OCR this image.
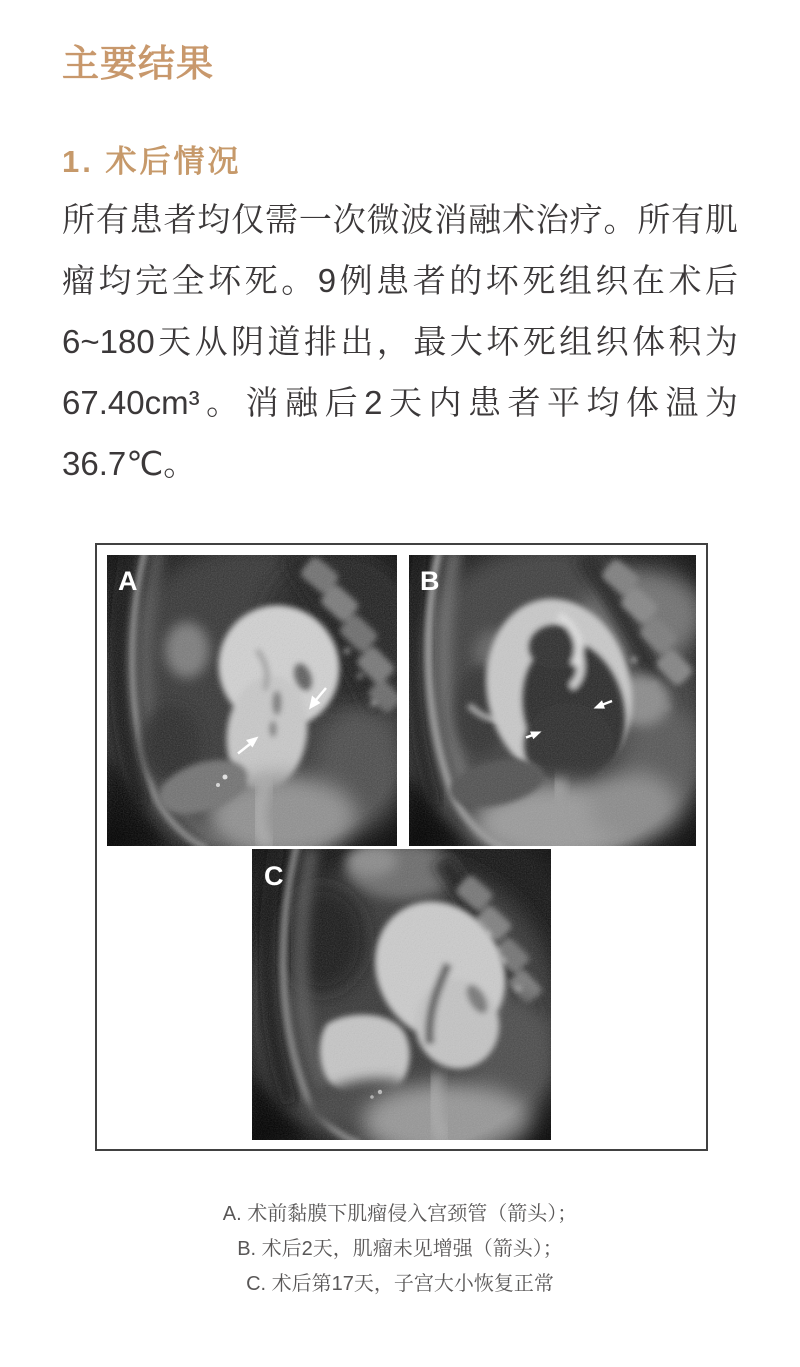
主要结果
1. 术后情况
所有患者均仅需一次微波消融术治疗。所有肌
瘤均完全坏死。9例患者的坏死组织在术后
6~180天从阴道排出，最大坏死组织体积为
67.40cm³。消融后2天内患者平均体温为
36.7℃。
A	B
C
A. 术前黏膜下肌瘤侵入宫颈管（箭头）；
B. 术后2天，肌瘤未见增强（箭头）；
C. 术后第17天，子宫大小恢复正常
